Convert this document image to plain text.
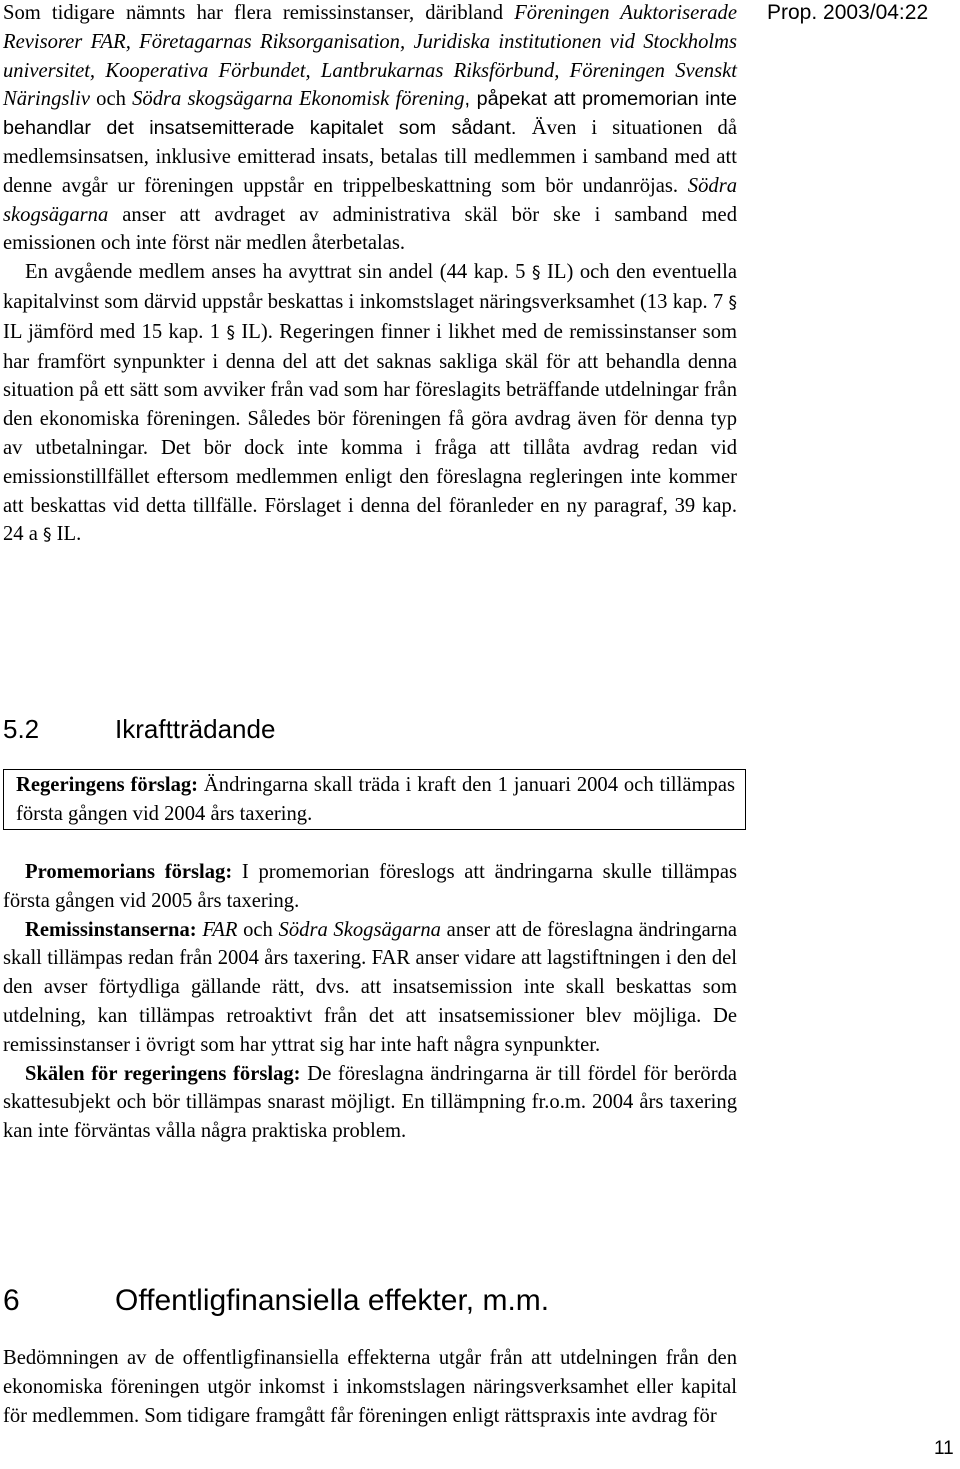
Prop. 2003/04:22

Som tidigare nämnts har flera remissinstanser, däribland Föreningen Auktoriserade Revisorer FAR, Företagarnas Riksorganisation, Juridiska institutionen vid Stockholms universitet, Kooperativa Förbundet, Lantbrukarnas Riksförbund, Föreningen Svenskt Näringsliv och Södra skogsägarna Ekonomisk förening, påpekat att promemorian inte behandlar det insatsemitterade kapitalet som sådant. Även i situationen då medlemsinsatsen, inklusive emitterad insats, betalas till medlemmen i samband med att denne avgår ur föreningen uppstår en trippelbeskattning som bör undanröjas. Södra skogsägarna anser att avdraget av administrativa skäl bör ske i samband med emissionen och inte först när medlen återbetalas.

En avgående medlem anses ha avyttrat sin andel (44 kap. 5 § IL) och den eventuella kapitalvinst som därvid uppstår beskattas i inkomstslaget näringsverksamhet (13 kap. 7 § IL jämförd med 15 kap. 1 § IL). Regeringen finner i likhet med de remissinstanser som har framfört synpunkter i denna del att det saknas sakliga skäl för att behandla denna situation på ett sätt som avviker från vad som har föreslagits beträffande utdelningar från den ekonomiska föreningen. Således bör föreningen få göra avdrag även för denna typ av utbetalningar. Det bör dock inte komma i fråga att tillåta avdrag redan vid emissionstillfället eftersom medlemmen enligt den föreslagna regleringen inte kommer att beskattas vid detta tillfälle. Förslaget i denna del föranleder en ny paragraf, 39 kap. 24 a § IL.

5.2	Ikraftträdande
Regeringens förslag: Ändringarna skall träda i kraft den 1 januari 2004 och tillämpas första gången vid 2004 års taxering.

Promemorians förslag: I promemorian föreslogs att ändringarna skulle tillämpas första gången vid 2005 års taxering.

Remissinstanserna: FAR och Södra Skogsägarna anser att de föreslagna ändringarna skall tillämpas redan från 2004 års taxering. FAR anser vidare att lagstiftningen i den del den avser förtydliga gällande rätt, dvs. att insatsemission inte skall beskattas som utdelning, kan tillämpas retroaktivt från det att insatsemissioner blev möjliga. De remissinstanser i övrigt som har yttrat sig har inte haft några synpunkter.

Skälen för regeringens förslag: De föreslagna ändringarna är till fördel för berörda skattesubjekt och bör tillämpas snarast möjligt. En tillämpning fr.o.m. 2004 års taxering kan inte förväntas vålla några praktiska problem.

6	Offentligfinansiella effekter, m.m.

Bedömningen av de offentligfinansiella effekterna utgår från att utdelningen från den ekonomiska föreningen utgör inkomst i inkomstslagen näringsverksamhet eller kapital för medlemmen. Som tidigare framgått får föreningen enligt rättspraxis inte avdrag för

11
